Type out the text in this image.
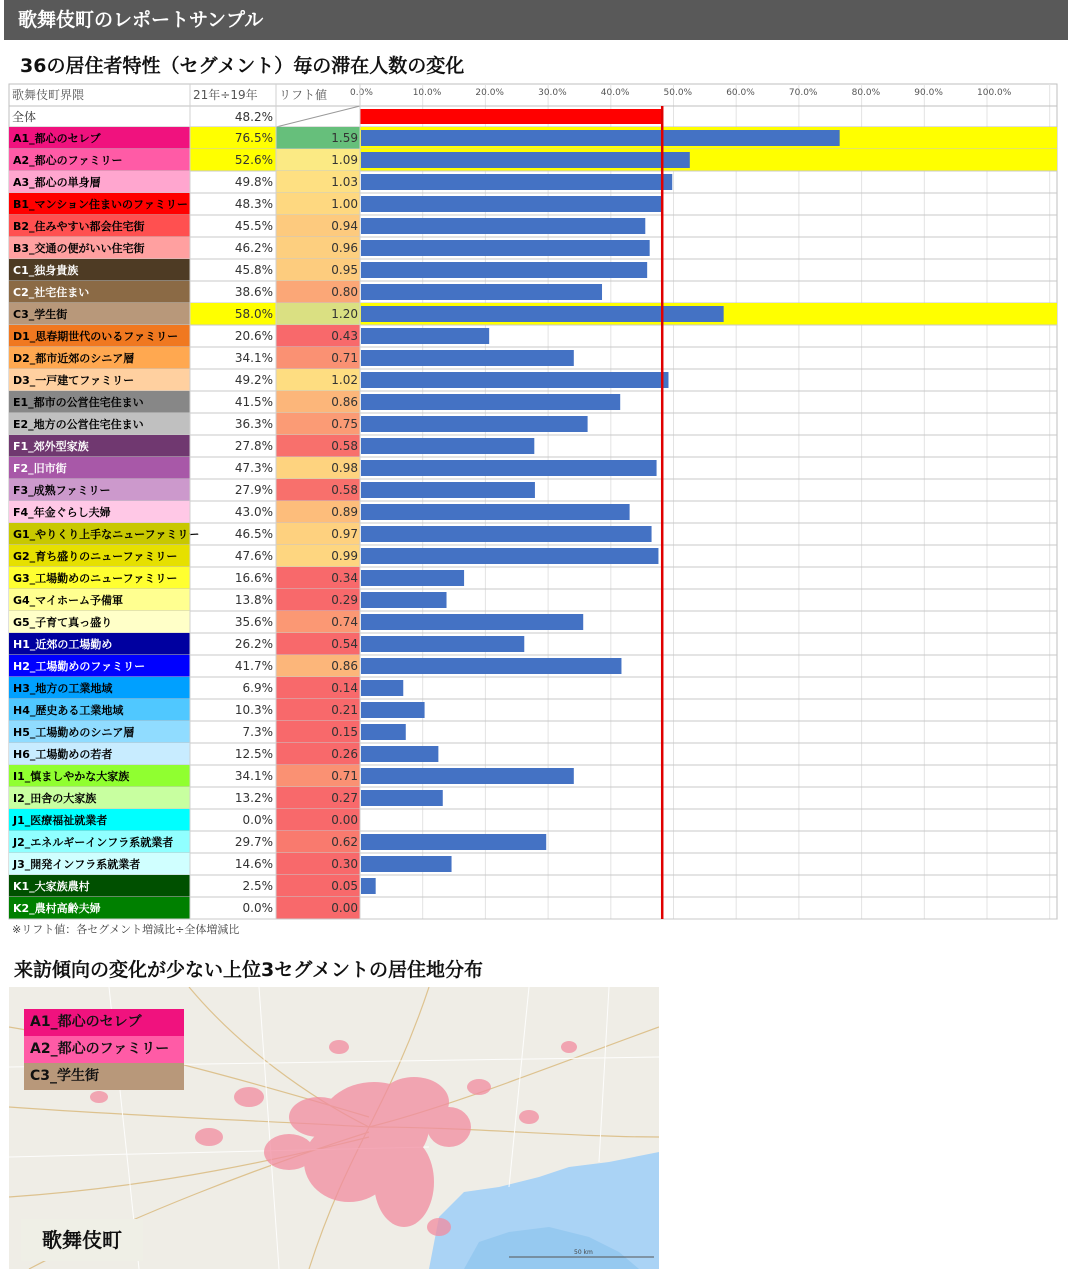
歌舞伎町のレポートサンプル
36の居住者特性（セグメント）毎の滞在人数の変化
歌舞伎町界隈	21年÷19年 リフト値	0.0%	10.0%	20.0%	30.0%	40.0%	50.0%	60.0%	70.0%	80.0%	90.0%	100.0%
全体	48.2%
A1_都心のセレブ	76.5%	1.59
A2_都心のファミリー	52.6%	1.09
A3_都心の単身層	49.8%	1.03
B1_マンション住まいのファミリー	48.3%	1.00
B2_住みやすい都会住宅街	45.5%	0.94
B3_交通の便がいい住宅街	46.2%	0.96
C1_独身貴族	45.8%	0.95
C2_社宅住まい	38.6%	0.80
C3_学生街	58.0%	1.20
D1_思春期世代のいるファミリー	20.6%	0.43
D2_都市近郊のシニア層	34.1%	0.71
D3_一戸建てファミリー	49.2%	1.02
E1_都市の公営住宅住まい	41.5%	0.86
E2_地方の公営住宅住まい	36.3%	0.75
F1_郊外型家族	27.8%	0.58
F2_旧市街	47.3%	0.98
F3_成熟ファミリー	27.9%	0.58
F4_年金ぐらし夫婦	43.0%	0.89
G1_やりくり上手なニューファミリー	46.5%	0.97
G2_育ち盛りのニューファミリー	47.6%	0.99
G3_工場勤めのニューファミリー	16.6%	0.34
G4_マイホーム予備軍	13.8%	0.29
G5_子育て真っ盛り	35.6%	0.74
H1_近郊の工場勤め	26.2%	0.54
H2_工場勤めのファミリー	41.7%	0.86
H3_地方の工業地域	6.9%	0.14
H4_歴史ある工業地域	10.3%	0.21
H5_工場勤めのシニア層	7.3%	0.15
H6_工場勤めの若者	12.5%	0.26
I1_慎ましやかな大家族	34.1%	0.71
I2_田舎の大家族	13.2%	0.27
J1_医療福祉就業者	0.0%	0.00
J2_エネルギーインフラ系就業者	29.7%	0.62
J3_開発インフラ系就業者	14.6%	0.30
K1_大家族農村	2.5%	0.05
K2_農村高齢夫婦	0.0%	0.00
※リフト値：各セグメント増減比÷全体増減比
来訪傾向の変化が少ない上位3セグメントの居住地分布
A1_都心のセレブ
A2_都心のファミリー
C3_学生街
50 km
歌舞伎町
